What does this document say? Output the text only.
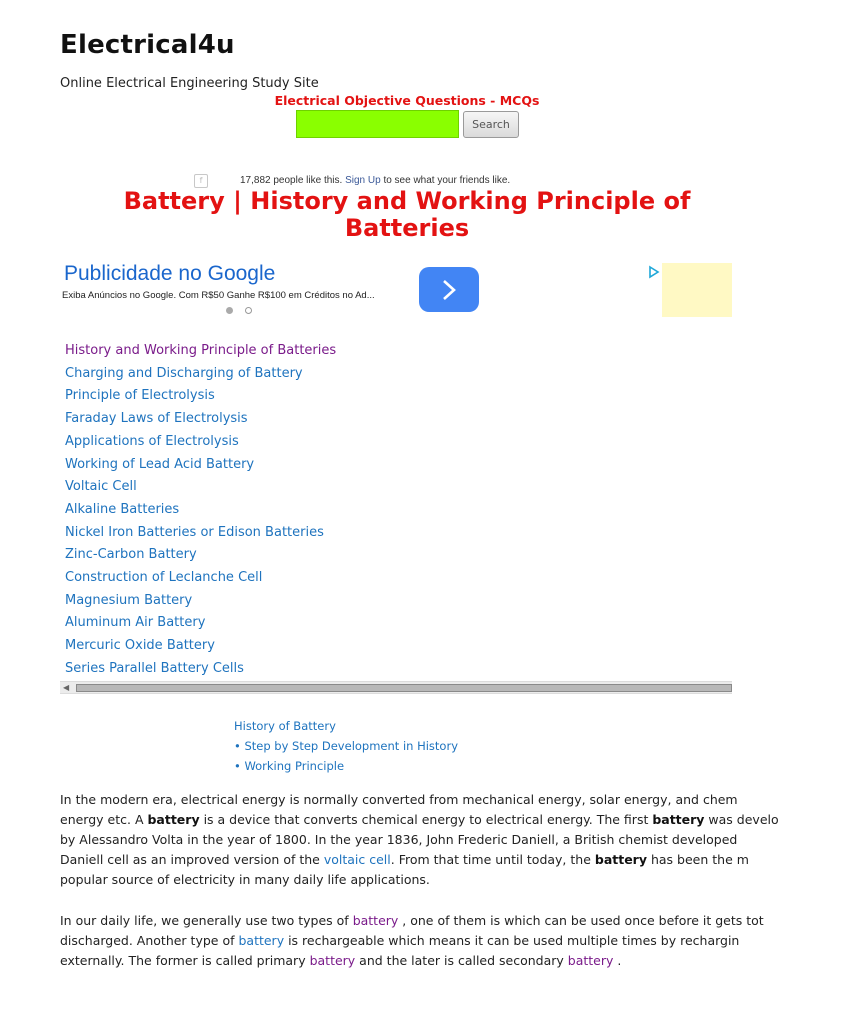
Electrical4u
Online Electrical Engineering Study Site
Electrical Objective Questions - MCQs
Search
f	17,882 people like this. Sign Up to see what your friends like.
Battery | History and Working Principle of Batteries
Publicidade no Google
Exiba Anúncios no Google. Com R$50 Ganhe R$100 em Créditos no Ad...
History and Working Principle of Batteries
Charging and Discharging of Battery
Principle of Electrolysis
Faraday Laws of Electrolysis
Applications of Electrolysis
Working of Lead Acid Battery
Voltaic Cell
Alkaline Batteries
Nickel Iron Batteries or Edison Batteries
Zinc-Carbon Battery
Construction of Leclanche Cell
Magnesium Battery
Aluminum Air Battery
Mercuric Oxide Battery
Series Parallel Battery Cells
◀
History of Battery
• Step by Step Development in History
• Working Principle
In the modern era, electrical energy is normally converted from mechanical energy, solar energy, and chem
energy etc. A battery is a device that converts chemical energy to electrical energy. The first battery was develo
by Alessandro Volta in the year of 1800. In the year 1836, John Frederic Daniell, a British chemist developed
Daniell cell as an improved version of the voltaic cell. From that time until today, the battery has been the m
popular source of electricity in many daily life applications.
In our daily life, we generally use two types of battery , one of them is which can be used once before it gets tot
discharged. Another type of battery is rechargeable which means it can be used multiple times by rechargin
externally. The former is called primary battery and the later is called secondary battery .
